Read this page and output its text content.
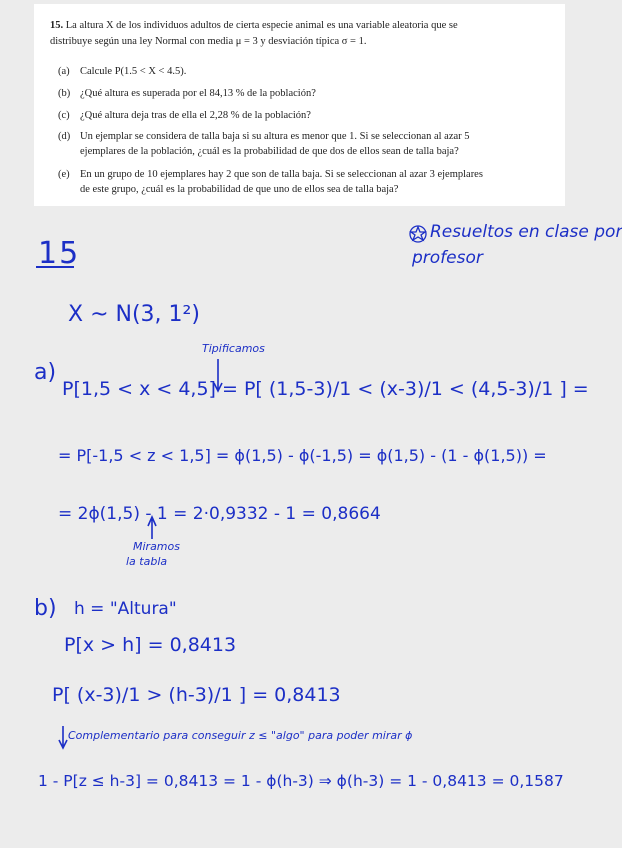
15. La altura X de los individuos adultos de cierta especie animal es una variable aleatoria que se
distribuye según una ley Normal con media μ = 3 y desviación típica σ = 1.
(a) Calcule P(1.5 < X < 4.5).
(b) ¿Qué altura es superada por el 84,13 % de la población?
(c) ¿Qué altura deja tras de ella el 2,28 % de la población?
(d) Un ejemplar se considera de talla baja si su altura es menor que 1. Si se seleccionan al azar 5
ejemplares de la población, ¿cuál es la probabilidad de que dos de ellos sean de talla baja?
(e) En un grupo de 10 ejemplares hay 2 que son de talla baja. Si se seleccionan al azar 3 ejemplares
de este grupo, ¿cuál es la probabilidad de que uno de ellos sea de talla baja?
15
Resueltos en clase por
profesor
X ~ N(3, 1²)
Tipificamos
a)
P[1,5 < x < 4,5] = P[ (1,5-3)/1 < (x-3)/1 < (4,5-3)/1 ] =
= P[-1,5 < z < 1,5] = ϕ(1,5) - ϕ(-1,5) = ϕ(1,5) - (1 - ϕ(1,5)) =
= 2ϕ(1,5) - 1 = 2·0,9332 - 1 = 0,8664
Miramos
la tabla
b) h = "Altura"
P[x > h] = 0,8413
P[ (x-3)/1 > (h-3)/1 ] = 0,8413
Complementario para conseguir z ≤ "algo" para poder mirar ϕ
1 - P[z ≤ h-3] = 0,8413 = 1 - ϕ(h-3) ⇒ ϕ(h-3) = 1 - 0,8413 = 0,1587
